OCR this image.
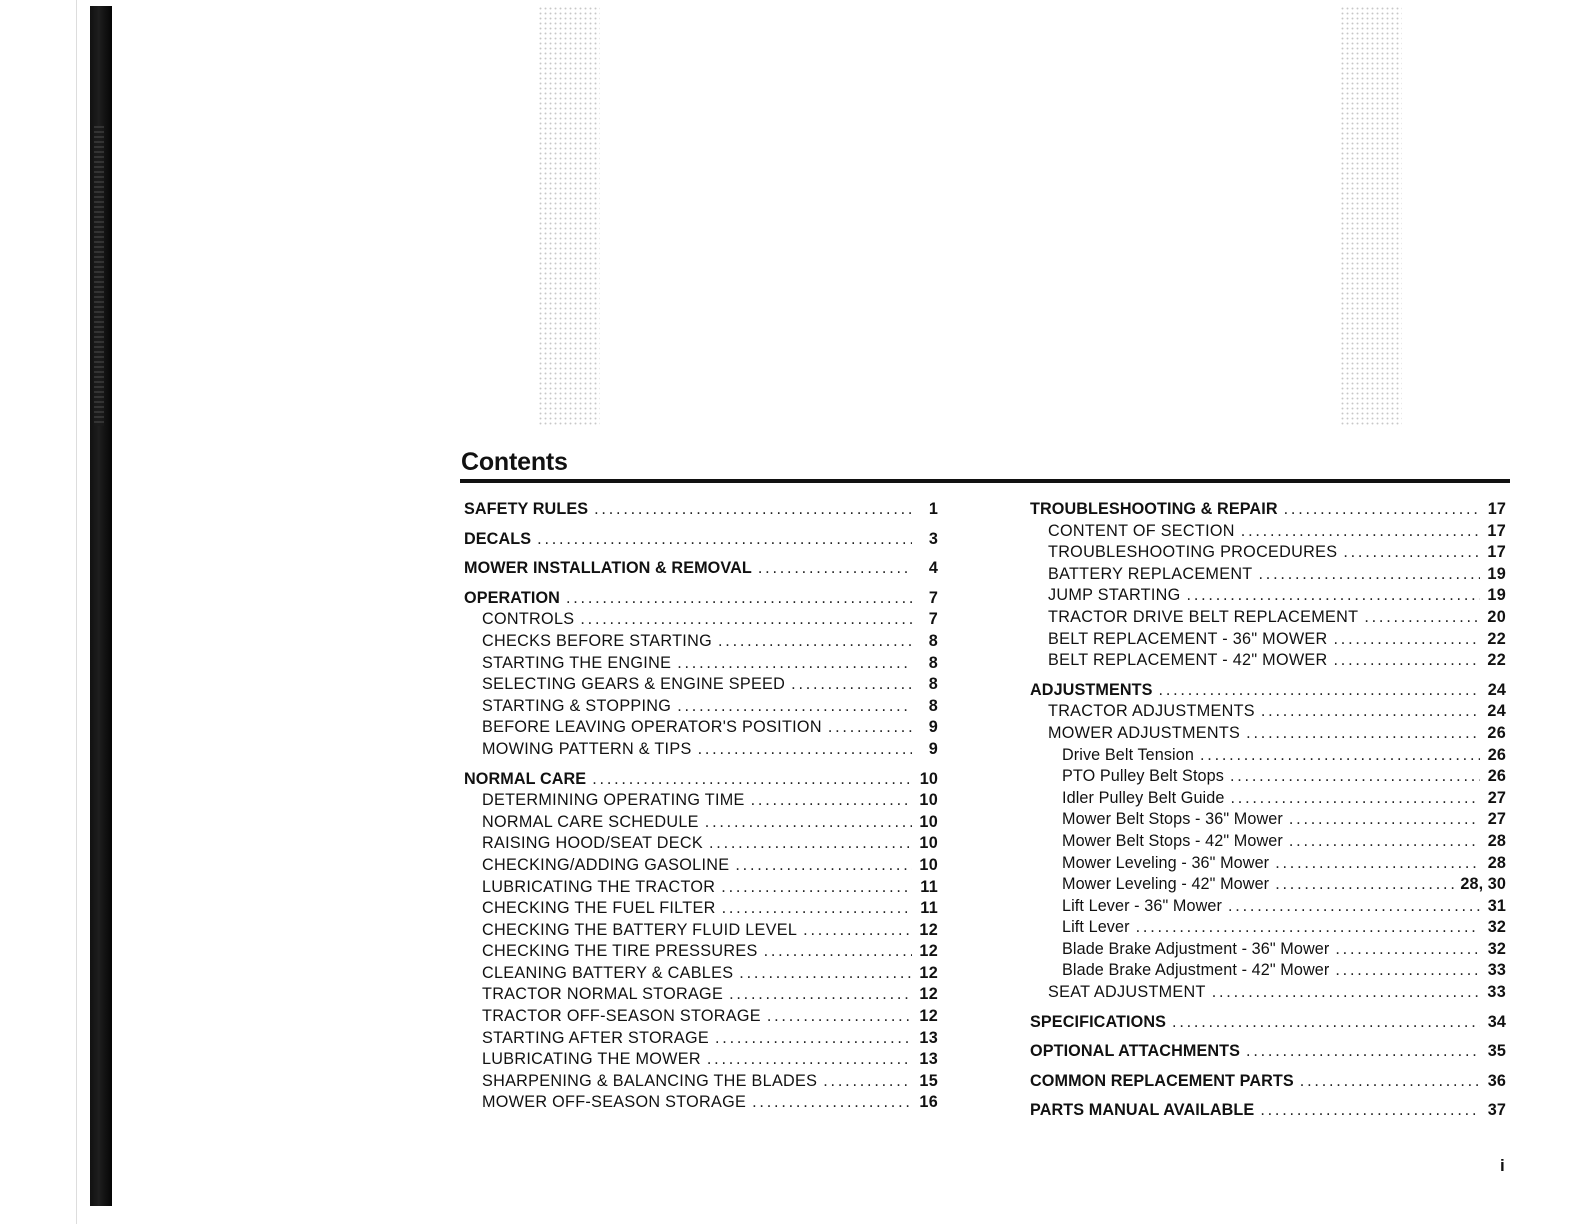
Contents
SAFETY RULES .....	1
DECALS .....	3
MOWER INSTALLATION & REMOVAL .....	4
OPERATION .....	7
CONTROLS .....	7
CHECKS BEFORE STARTING .....	8
STARTING THE ENGINE .....	8
SELECTING GEARS & ENGINE SPEED .....	8
STARTING & STOPPING .....	8
BEFORE LEAVING OPERATOR'S POSITION .....	9
MOWING PATTERN & TIPS .....	9
NORMAL CARE .....	10
DETERMINING OPERATING TIME .....	10
NORMAL CARE SCHEDULE .....	10
RAISING HOOD/SEAT DECK .....	10
CHECKING/ADDING GASOLINE .....	10
LUBRICATING THE TRACTOR .....	11
CHECKING THE FUEL FILTER .....	11
CHECKING THE BATTERY FLUID LEVEL .....	12
CHECKING THE TIRE PRESSURES .....	12
CLEANING BATTERY & CABLES .....	12
TRACTOR NORMAL STORAGE .....	12
TRACTOR OFF-SEASON STORAGE .....	12
STARTING AFTER STORAGE .....	13
LUBRICATING THE MOWER .....	13
SHARPENING & BALANCING THE BLADES .....	15
MOWER OFF-SEASON STORAGE .....	16
TROUBLESHOOTING & REPAIR .....	17
CONTENT OF SECTION .....	17
TROUBLESHOOTING PROCEDURES .....	17
BATTERY REPLACEMENT .....	19
JUMP STARTING .....	19
TRACTOR DRIVE BELT REPLACEMENT .....	20
BELT REPLACEMENT - 36" MOWER .....	22
BELT REPLACEMENT - 42" MOWER .....	22
ADJUSTMENTS .....	24
TRACTOR ADJUSTMENTS .....	24
MOWER ADJUSTMENTS .....	26
Drive Belt Tension .....	26
PTO Pulley Belt Stops .....	26
Idler Pulley Belt Guide .....	27
Mower Belt Stops - 36" Mower .....	27
Mower Belt Stops - 42" Mower .....	28
Mower Leveling - 36" Mower .....	28
Mower Leveling - 42" Mower .....	28, 30
Lift Lever - 36" Mower .....	31
Lift Lever .....	32
Blade Brake Adjustment - 36" Mower .....	32
Blade Brake Adjustment - 42" Mower .....	33
SEAT ADJUSTMENT .....	33
SPECIFICATIONS .....	34
OPTIONAL ATTACHMENTS .....	35
COMMON REPLACEMENT PARTS .....	36
PARTS MANUAL AVAILABLE .....	37
i
